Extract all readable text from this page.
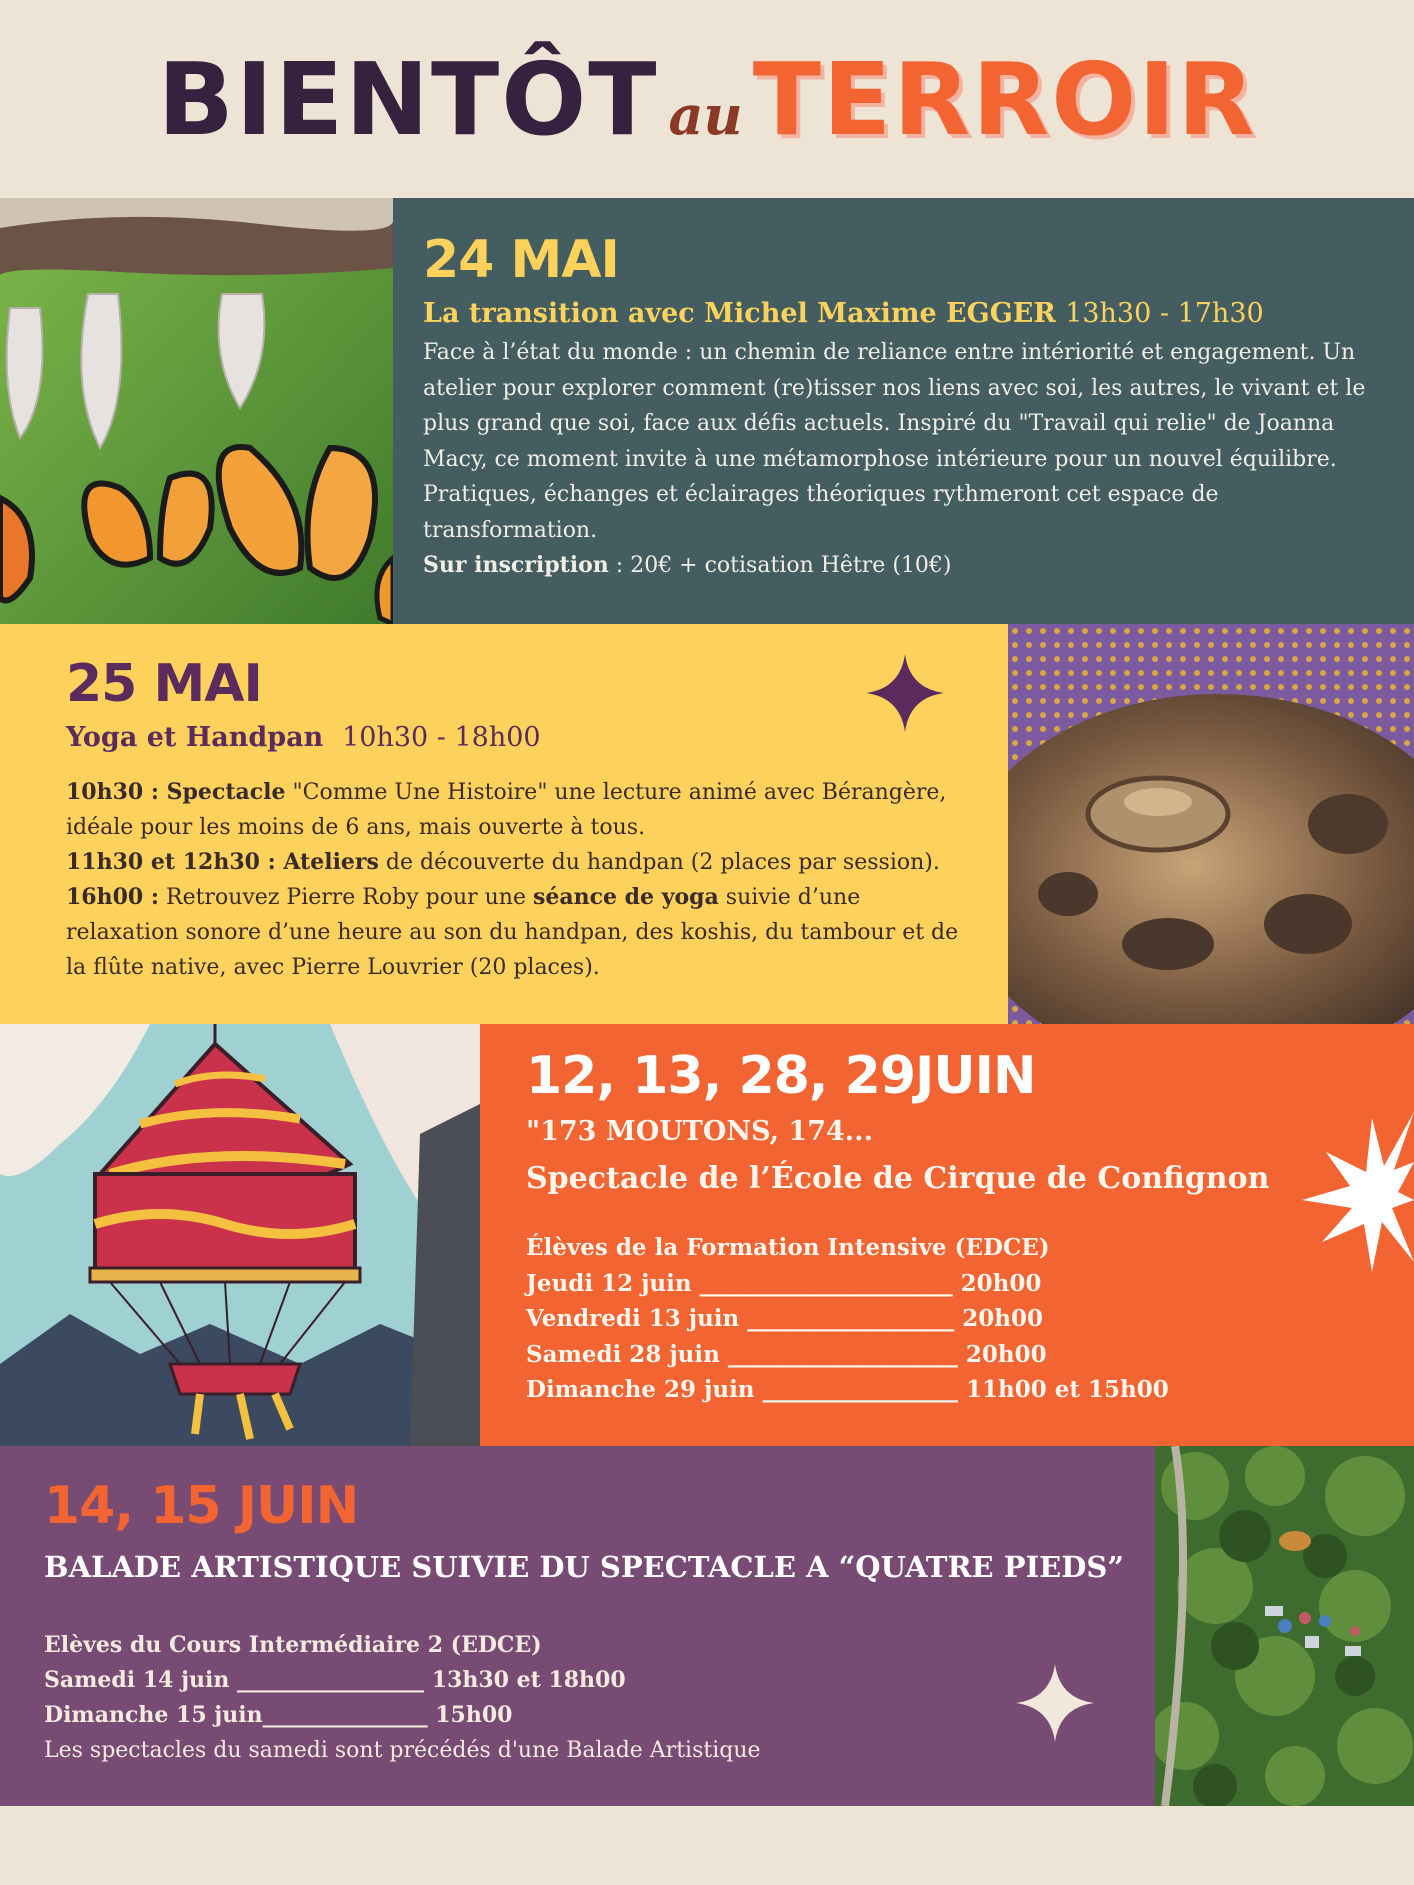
BIENTÔT au TERROIR
24 MAI
La transition avec Michel Maxime EGGER 13h30 - 17h30
Face à l’état du monde : un chemin de reliance entre intériorité et engagement. Un atelier pour explorer comment (re)tisser nos liens avec soi, les autres, le vivant et le plus grand que soi, face aux défis actuels. Inspiré du "Travail qui relie" de Joanna Macy, ce moment invite à une métamorphose intérieure pour un nouvel équilibre. Pratiques, échanges et éclairages théoriques rythmeront cet espace de transformation.
Sur inscription : 20€ + cotisation Hêtre (10€)
25 MAI
Yoga et Handpan 10h30 - 18h00
10h30 : Spectacle "Comme Une Histoire" une lecture animé avec Bérangère, idéale pour les moins de 6 ans, mais ouverte à tous.
11h30 et 12h30 : Ateliers de découverte du handpan (2 places par session).
16h00 : Retrouvez Pierre Roby pour une séance de yoga suivie d’une relaxation sonore d’une heure au son du handpan, des koshis, du tambour et de la flûte native, avec Pierre Louvrier (20 places).
12, 13, 28, 29JUIN
"173 MOUTONS, 174...
Spectacle de l’École de Cirque de Confignon
Élèves de la Formation Intensive (EDCE)
Jeudi 12 juin ______________________ 20h00
Vendredi 13 juin __________________ 20h00
Samedi 28 juin ____________________ 20h00
Dimanche 29 juin _________________ 11h00 et 15h00
14, 15 JUIN
BALADE ARTISTIQUE SUIVIE DU SPECTACLE A “QUATRE PIEDS”
Elèves du Cours Intermédiaire 2 (EDCE)
Samedi 14 juin _________________ 13h30 et 18h00
Dimanche 15 juin_______________ 15h00
Les spectacles du samedi sont précédés d'une Balade Artistique
